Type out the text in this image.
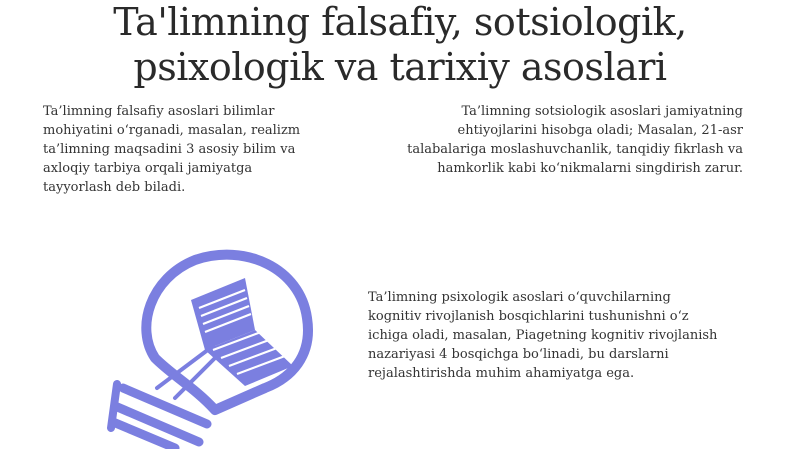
Ta'limning falsafiy, sotsiologik,
psixologik va tarixiy asoslari

Ta’limning falsafiy asoslari bilimlar mohiyatini o‘rganadi, masalan, realizm ta’limning maqsadini 3 asosiy bilim va axloqiy tarbiya orqali jamiyatga tayyorlash deb biladi.

Ta’limning sotsiologik asoslari jamiyatning ehtiyojlarini hisobga oladi; Masalan, 21-asr talabalariga moslashuvchanlik, tanqidiy fikrlash va hamkorlik kabi ko‘nikmalarni singdirish zarur.

Ta’limning psixologik asoslari o‘quvchilarning kognitiv rivojlanish bosqichlarini tushunishni o‘z ichiga oladi, masalan, Piagetning kognitiv rivojlanish nazariyasi 4 bosqichga bo‘linadi, bu darslarni rejalashtirishda muhim ahamiyatga ega.
